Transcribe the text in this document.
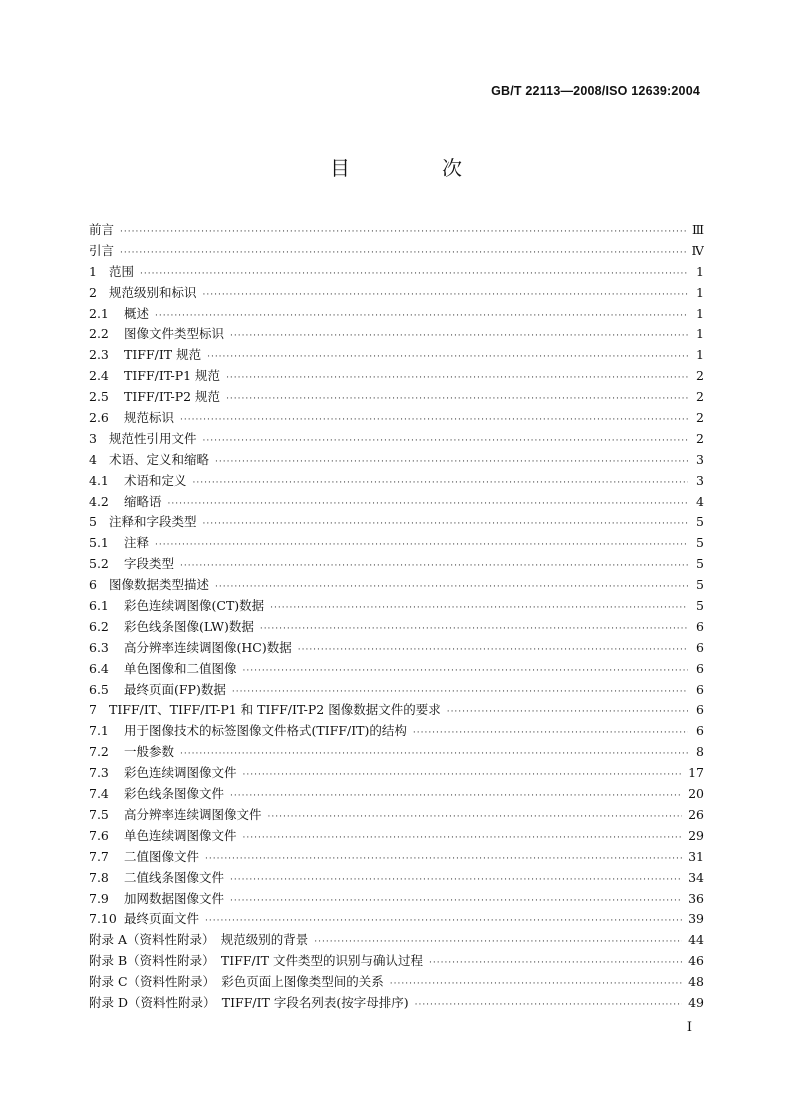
GB/T 22113—2008/ISO 12639:2004
目　次
前言 ·····	Ⅲ
引言 ·····	Ⅳ
1 范围 ·····	1
2 规范级别和标识 ·····	1
2.1	概述 ·····	1
2.2	图像文件类型标识 ·····	1
2.3	TIFF/IT 规范 ·····	1
2.4	TIFF/IT-P1 规范 ·····	2
2.5	TIFF/IT-P2 规范 ·····	2
2.6	规范标识 ·····	2
3 规范性引用文件 ·····	2
4 术语、定义和缩略 ·····	3
4.1	术语和定义 ·····	3
4.2	缩略语 ·····	4
5 注释和字段类型 ·····	5
5.1	注释 ·····	5
5.2	字段类型 ·····	5
6 图像数据类型描述 ·····	5
6.1	彩色连续调图像(CT)数据 ·····	5
6.2	彩色线条图像(LW)数据 ·····	6
6.3	高分辨率连续调图像(HC)数据 ·····	6
6.4	单色图像和二值图像 ·····	6
6.5	最终页面(FP)数据 ·····	6
7 TIFF/IT、TIFF/IT-P1 和 TIFF/IT-P2 图像数据文件的要求 ·····	6
7.1	用于图像技术的标签图像文件格式(TIFF/IT)的结构 ·····	6
7.2	一般参数 ·····	8
7.3	彩色连续调图像文件 ·····	17
7.4	彩色线条图像文件 ·····	20
7.5	高分辨率连续调图像文件 ·····	26
7.6	单色连续调图像文件 ·····	29
7.7	二值图像文件 ·····	31
7.8	二值线条图像文件 ·····	34
7.9	加网数据图像文件 ·····	36
7.10 最终页面文件 ·····	39
附录 A（资料性附录）　规范级别的背景 ·····	44
附录 B（资料性附录）　TIFF/IT 文件类型的识别与确认过程 ·····	46
附录 C（资料性附录）　彩色页面上图像类型间的关系 ·····	48
附录 D（资料性附录）　TIFF/IT 字段名列表(按字母排序) ·····	49
I
